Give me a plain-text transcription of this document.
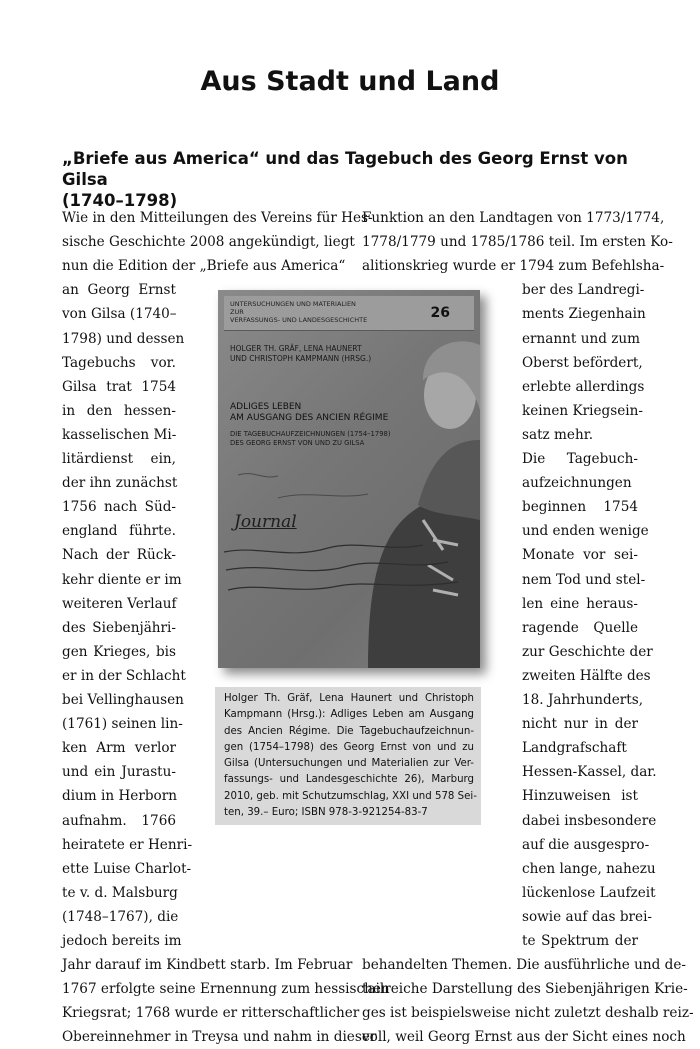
Aus Stadt und Land
„Briefe aus America“ und das Tagebuch des Georg Ernst von Gilsa
(1740–1798)
Wie in den Mitteilungen des Vereins für Hes-
sische Geschichte 2008 angekündigt, liegt
nun die Edition der „Briefe aus America“
an Georg Ernst
von Gilsa (1740–
1798) und dessen
Tagebuchs vor.
Gilsa trat 1754
in den hessen-
kasselischen Mi-
litärdienst ein,
der ihn zunächst
1756 nach Süd-
england führte.
Nach der Rück-
kehr diente er im
weiteren Verlauf
des Siebenjähri-
gen Krieges, bis
er in der Schlacht
bei Vellinghausen
(1761) seinen lin-
ken Arm verlor
und ein Jurastu-
dium in Herborn
aufnahm. 1766
heiratete er Henri-
ette Luise Charlot-
te v. d. Malsburg
(1748–1767), die
jedoch bereits im
Jahr darauf im Kindbett starb. Im Februar
1767 erfolgte seine Ernennung zum hessischen
Kriegsrat; 1768 wurde er ritterschaftlicher
Obereinnehmer in Treysa und nahm in dieser
Funktion an den Landtagen von 1773/1774,
1778/1779 und 1785/1786 teil. Im ersten Ko-
alitionskrieg wurde er 1794 zum Befehlsha-
ber des Landregi-
ments Ziegenhain
ernannt und zum
Oberst befördert,
erlebte allerdings
keinen Kriegsein-
satz mehr.
Die Tagebuch-
aufzeichnungen
beginnen 1754
und enden wenige
Monate vor sei-
nem Tod und stel-
len eine heraus-
ragende Quelle
zur Geschichte der
zweiten Hälfte des
18. Jahrhunderts,
nicht nur in der
Landgrafschaft
Hessen-Kassel, dar.
Hinzuweisen ist
dabei insbesondere
auf die ausgespro-
chen lange, nahezu
lückenlose Laufzeit
sowie auf das brei-
te Spektrum der
behandelten Themen. Die ausführliche und de-
tailreiche Darstellung des Siebenjährigen Krie-
ges ist beispielsweise nicht zuletzt deshalb reiz-
voll, weil Georg Ernst aus der Sicht eines noch
UNTERSUCHUNGEN UND MATERIALIEN
ZUR
VERFASSUNGS- UND LANDESGESCHICHTE	26
HOLGER TH. GRÄF, LENA HAUNERT
UND CHRISTOPH KAMPMANN (HRSG.)
ADLIGES LEBEN
AM AUSGANG DES ANCIEN RÉGIME
DIE TAGEBUCHAUFZEICHNUNGEN (1754–1798)
DES GEORG ERNST VON UND ZU GILSA
Journal
Holger Th. Gräf, Lena Haunert und Christoph
Kampmann (Hrsg.): Adliges Leben am Ausgang
des Ancien Régime. Die Tagebuchaufzeichnun-
gen (1754–1798) des Georg Ernst von und zu
Gilsa (Untersuchungen und Materialien zur Ver-
fassungs- und Landesgeschichte 26), Marburg
2010, geb. mit Schutzumschlag, XXI und 578 Sei-
ten, 39.– Euro; ISBN 978-3-921254-83-7
